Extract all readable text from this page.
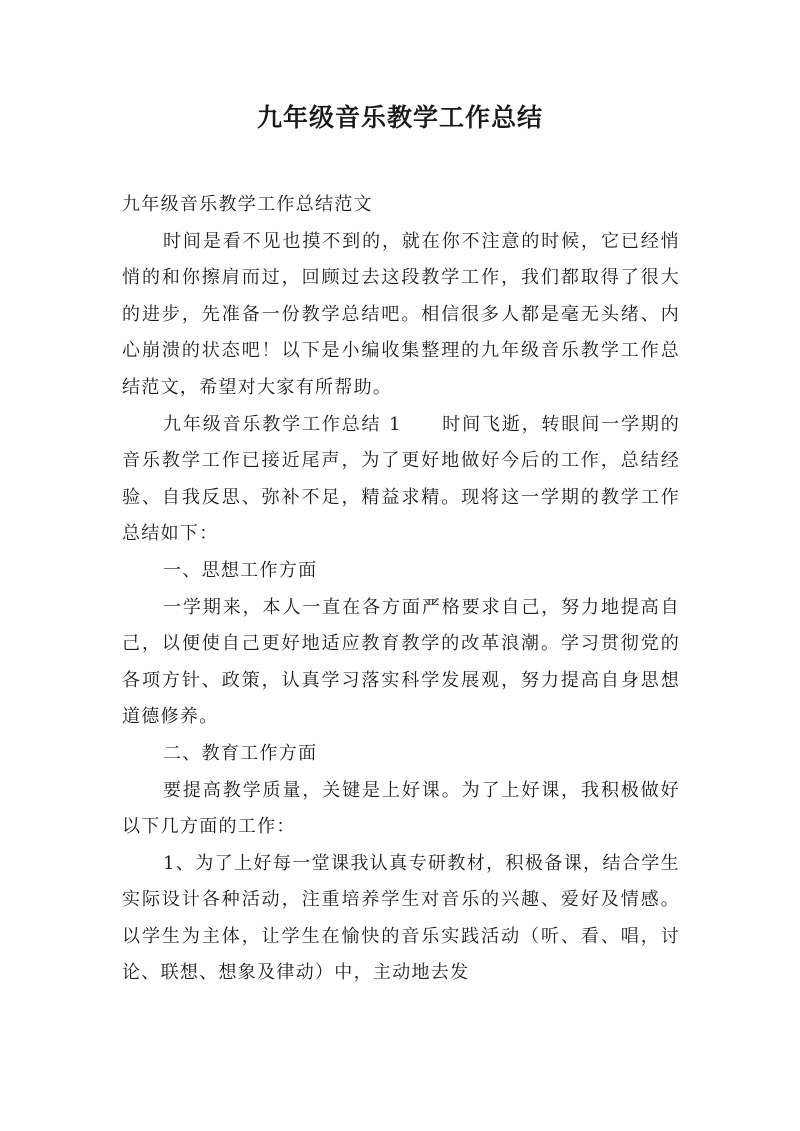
九年级音乐教学工作总结

九年级音乐教学工作总结范文

时间是看不见也摸不到的，就在你不注意的时候，它已经悄悄的和你擦肩而过，回顾过去这段教学工作，我们都取得了很大的进步，先准备一份教学总结吧。相信很多人都是毫无头绪、内心崩溃的状态吧！以下是小编收集整理的九年级音乐教学工作总结范文，希望对大家有所帮助。

九年级音乐教学工作总结 1 时间飞逝，转眼间一学期的音乐教学工作已接近尾声，为了更好地做好今后的工作，总结经验、自我反思、弥补不足，精益求精。现将这一学期的教学工作总结如下：

一、思想工作方面

一学期来，本人一直在各方面严格要求自己，努力地提高自己，以便使自己更好地适应教育教学的改革浪潮。学习贯彻党的各项方针、政策，认真学习落实科学发展观，努力提高自身思想道德修养。

二、教育工作方面

要提高教学质量，关键是上好课。为了上好课，我积极做好以下几方面的工作：

1、为了上好每一堂课我认真专研教材，积极备课，结合学生实际设计各种活动，注重培养学生对音乐的兴趣、爱好及情感。以学生为主体，让学生在愉快的音乐实践活动（听、看、唱，讨论、联想、想象及律动）中，主动地去发
